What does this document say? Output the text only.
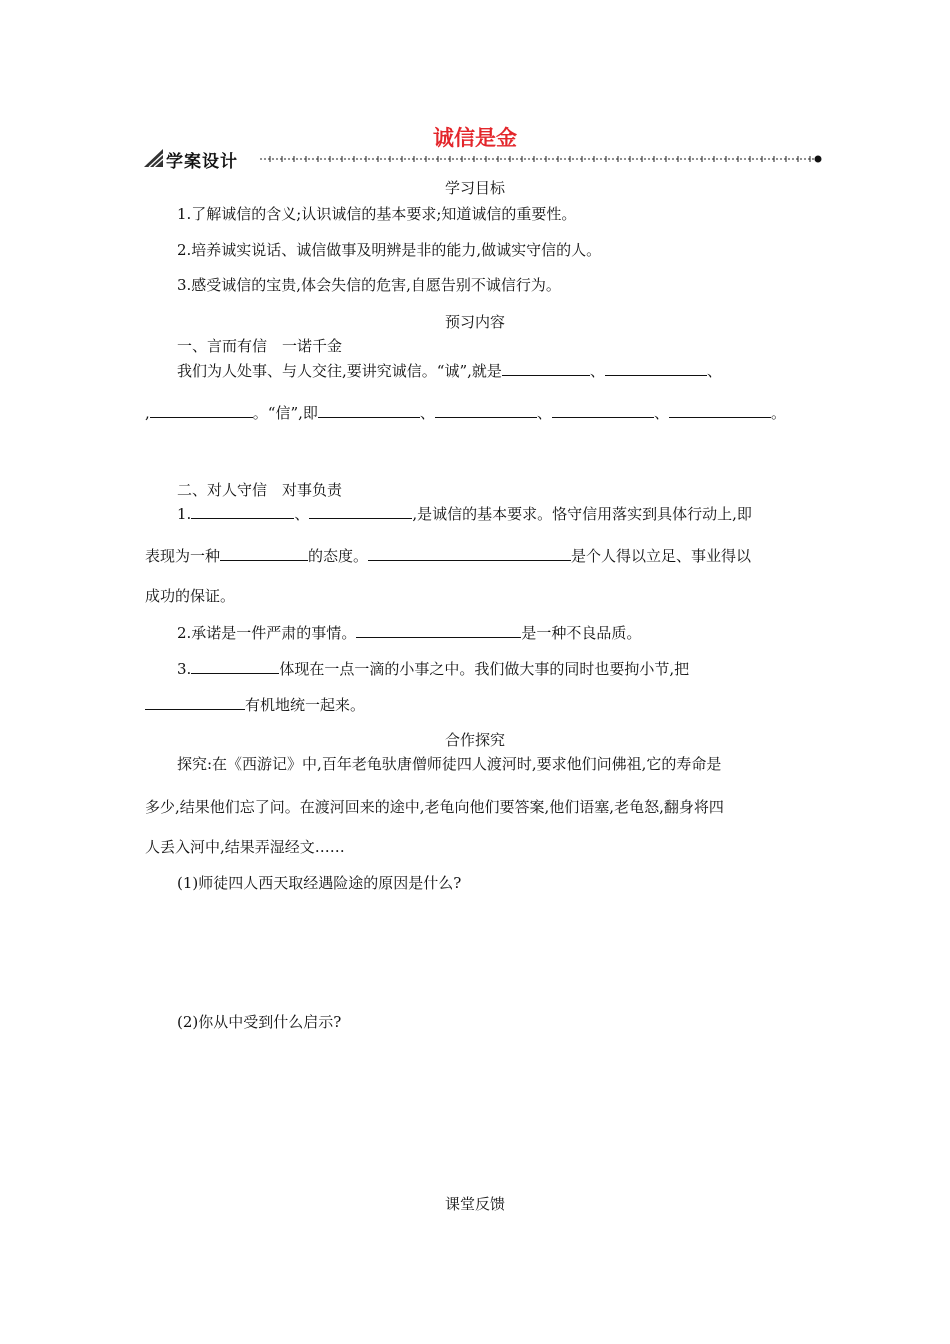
诚信是金
学案设计
学习目标
1.了解诚信的含义;认识诚信的基本要求;知道诚信的重要性。
2.培养诚实说话、诚信做事及明辨是非的能力,做诚实守信的人。
3.感受诚信的宝贵,体会失信的危害,自愿告别不诚信行为。
预习内容
一、言而有信　一诺千金
我们为人处事、与人交往,要讲究诚信。“诚”,就是	、	、
,	。“信”,即	、	、	、	。
二、对人守信　对事负责
1.	、	,是诚信的基本要求。恪守信用落实到具体行动上,即
表现为一种	的态度。	是个人得以立足、事业得以
成功的保证。
2.承诺是一件严肃的事情。	是一种不良品质。
3.	体现在一点一滴的小事之中。我们做大事的同时也要拘小节,把
有机地统一起来。
合作探究
探究:在《西游记》中,百年老龟驮唐僧师徒四人渡河时,要求他们问佛祖,它的寿命是
多少,结果他们忘了问。在渡河回来的途中,老龟向他们要答案,他们语塞,老龟怒,翻身将四
人丢入河中,结果弄湿经文……
(1)师徒四人西天取经遇险途的原因是什么?
(2)你从中受到什么启示?
课堂反馈
